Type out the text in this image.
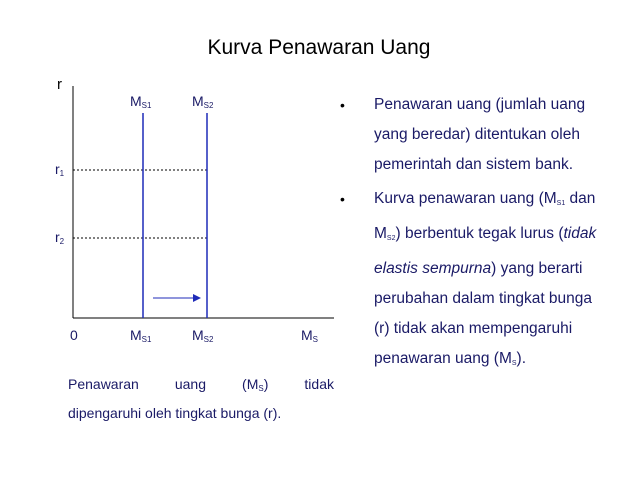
Kurva Penawaran Uang
r
$M_{S1}$	$M_{S2}$
$r_1$
$r_2$
0	$M_{S1}$	$M_{S2}$	$M_S$
Penawaran	uang	$(M_S)$	tidak
dipengaruhi oleh tingkat bunga (r).
• Penawaran uang (jumlah uang yang beredar) ditentukan oleh pemerintah dan sistem bank.
• Kurva penawaran uang ($M_{S1}$ dan $M_{S2}$) berbentuk tegak lurus (tidak elastis sempurna) yang berarti perubahan dalam tingkat bunga (r) tidak akan mempengaruhi penawaran uang $(M_S)$.
